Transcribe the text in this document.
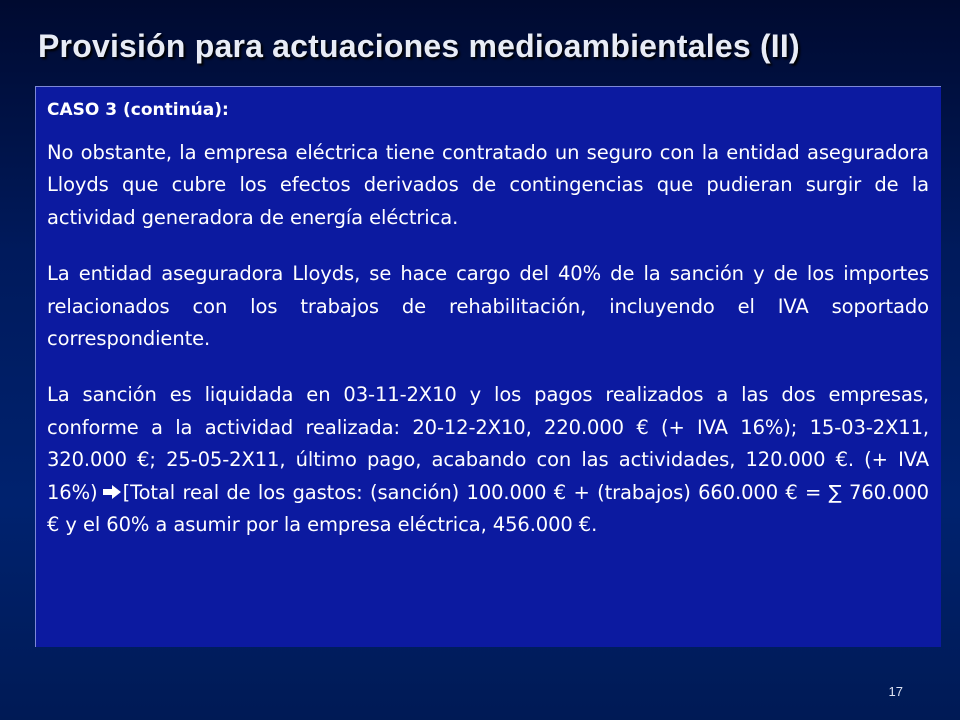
Provisión para actuaciones medioambientales (II)
CASO 3 (continúa):

No obstante, la empresa eléctrica tiene contratado un seguro con la entidad aseguradora Lloyds que cubre los efectos derivados de contingencias que pudieran surgir de la actividad generadora de energía eléctrica.

La entidad aseguradora Lloyds, se hace cargo del 40% de la sanción y de los importes relacionados con los trabajos de rehabilitación, incluyendo el IVA soportado correspondiente.

La sanción es liquidada en 03-11-2X10 y los pagos realizados a las dos empresas, conforme a la actividad realizada: 20-12-2X10, 220.000 € (+ IVA 16%); 15-03-2X11, 320.000 €; 25-05-2X11, último pago, acabando con las actividades, 120.000 €. (+ IVA 16%) [Total real de los gastos: (sanción) 100.000 € + (trabajos) 660.000 € = ∑ 760.000 € y el 60% a asumir por la empresa eléctrica, 456.000 €.

17
